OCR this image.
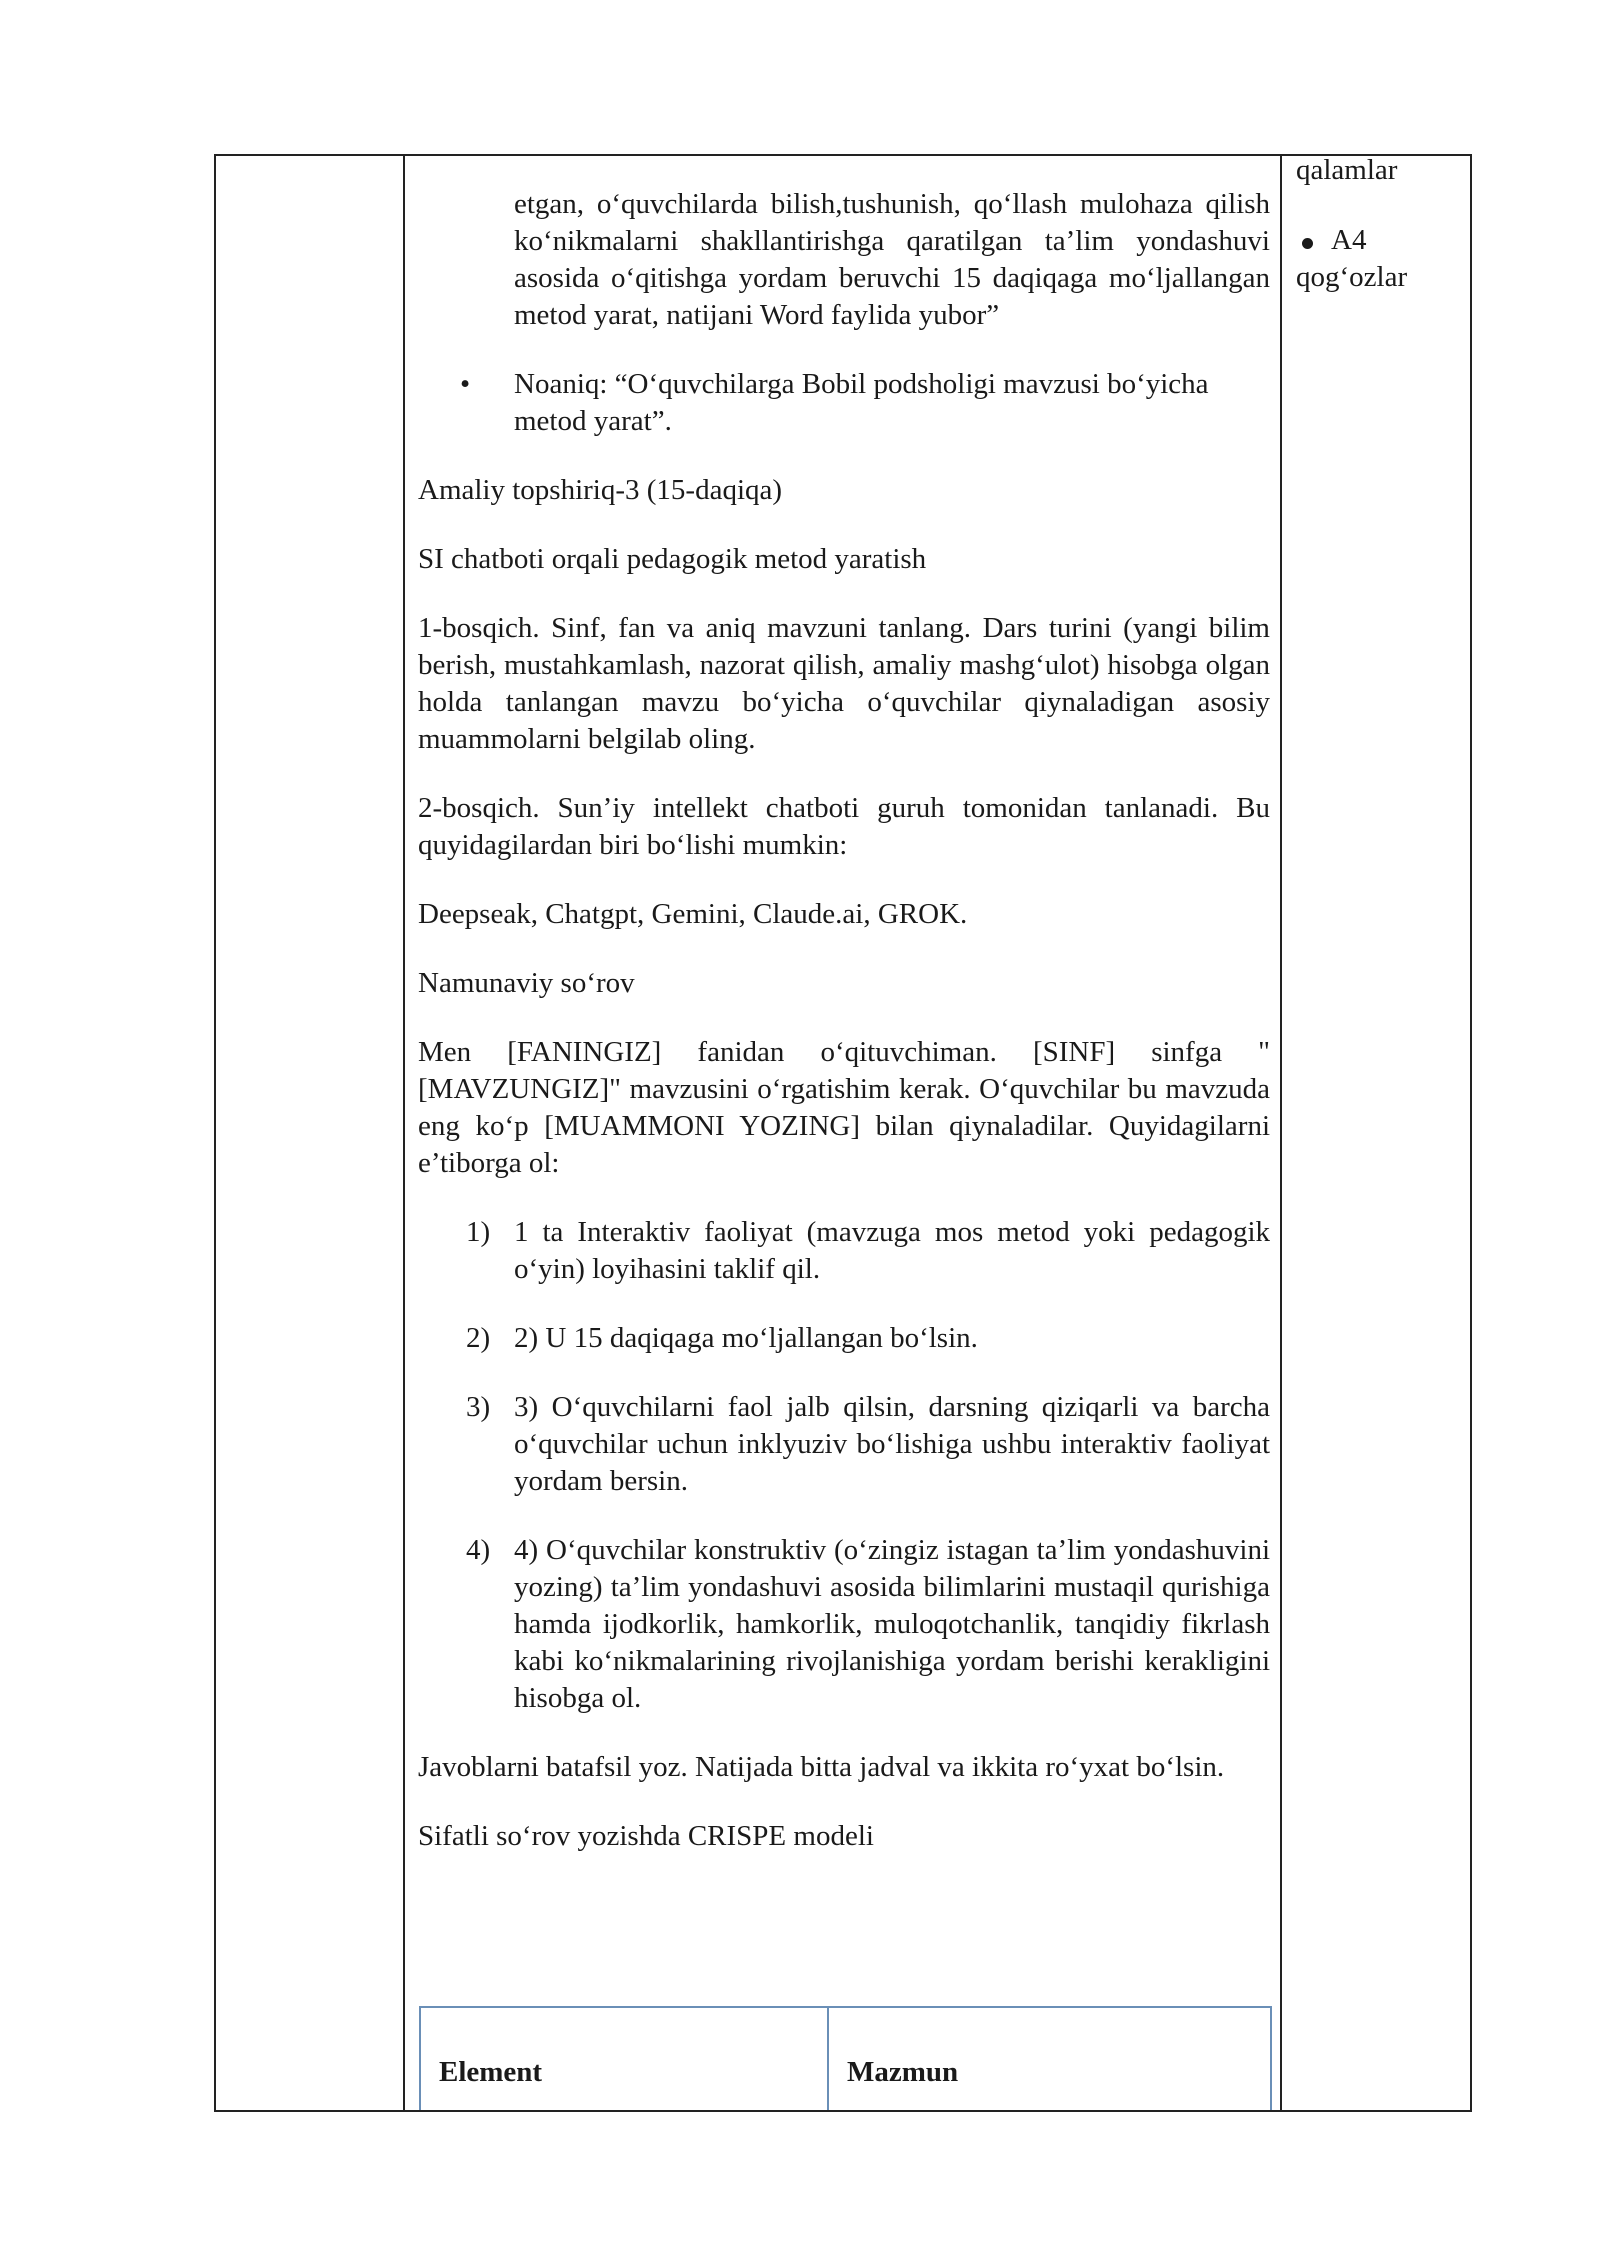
etgan, o‘quvchilarda bilish,tushunish, qo‘llash mulohaza qilish ko‘nikmalarni shakllantirishga qaratilgan ta’lim yondashuvi asosida o‘qitishga yordam beruvchi 15 daqiqaga mo‘ljallangan metod yarat, natijani Word faylida yubor”
•	Noaniq: “O‘quvchilarga Bobil podsholigi mavzusi bo‘yicha metod yarat”.

Amaliy topshiriq-3 (15-daqiqa)

SI chatboti orqali pedagogik metod yaratish

1-bosqich. Sinf, fan va aniq mavzuni tanlang. Dars turini (yangi bilim berish, mustahkamlash, nazorat qilish, amaliy mashg‘ulot) hisobga olgan holda tanlangan mavzu bo‘yicha o‘quvchilar qiynaladigan asosiy muammolarni belgilab oling.

2-bosqich. Sun’iy intellekt chatboti guruh tomonidan tanlanadi. Bu quyidagilardan biri bo‘lishi mumkin:

Deepseak, Chatgpt, Gemini, Claude.ai, GROK.

Namunaviy so‘rov

Men [FANINGIZ] fanidan o‘qituvchiman. [SINF] sinfga "[MAVZUNGIZ]" mavzusini o‘rgatishim kerak. O‘quvchilar bu mavzuda eng ko‘p [MUAMMONI YOZING] bilan qiynaladilar. Quyidagilarni e’tiborga ol:

1) 1 ta Interaktiv faoliyat (mavzuga mos metod yoki pedagogik o‘yin) loyihasini taklif qil.
2) 2) U 15 daqiqaga mo‘ljallangan bo‘lsin.
3) 3) O‘quvchilarni faol jalb qilsin, darsning qiziqarli va barcha o‘quvchilar uchun inklyuziv bo‘lishiga ushbu interaktiv faoliyat yordam bersin.
4) 4) O‘quvchilar konstruktiv (o‘zingiz istagan ta’lim yondashuvini yozing) ta’lim yondashuvi asosida bilimlarini mustaqil qurishiga hamda ijodkorlik, hamkorlik, muloqotchanlik, tanqidiy fikrlash kabi ko‘nikmalarining rivojlanishiga yordam berishi kerakligini hisobga ol.

Javoblarni batafsil yoz. Natijada bitta jadval va ikkita ro‘yxat bo‘lsin.

Sifatli so‘rov yozishda CRISPE modeli

qalamlar

A4

qog‘ozlar

Element	Mazmun
